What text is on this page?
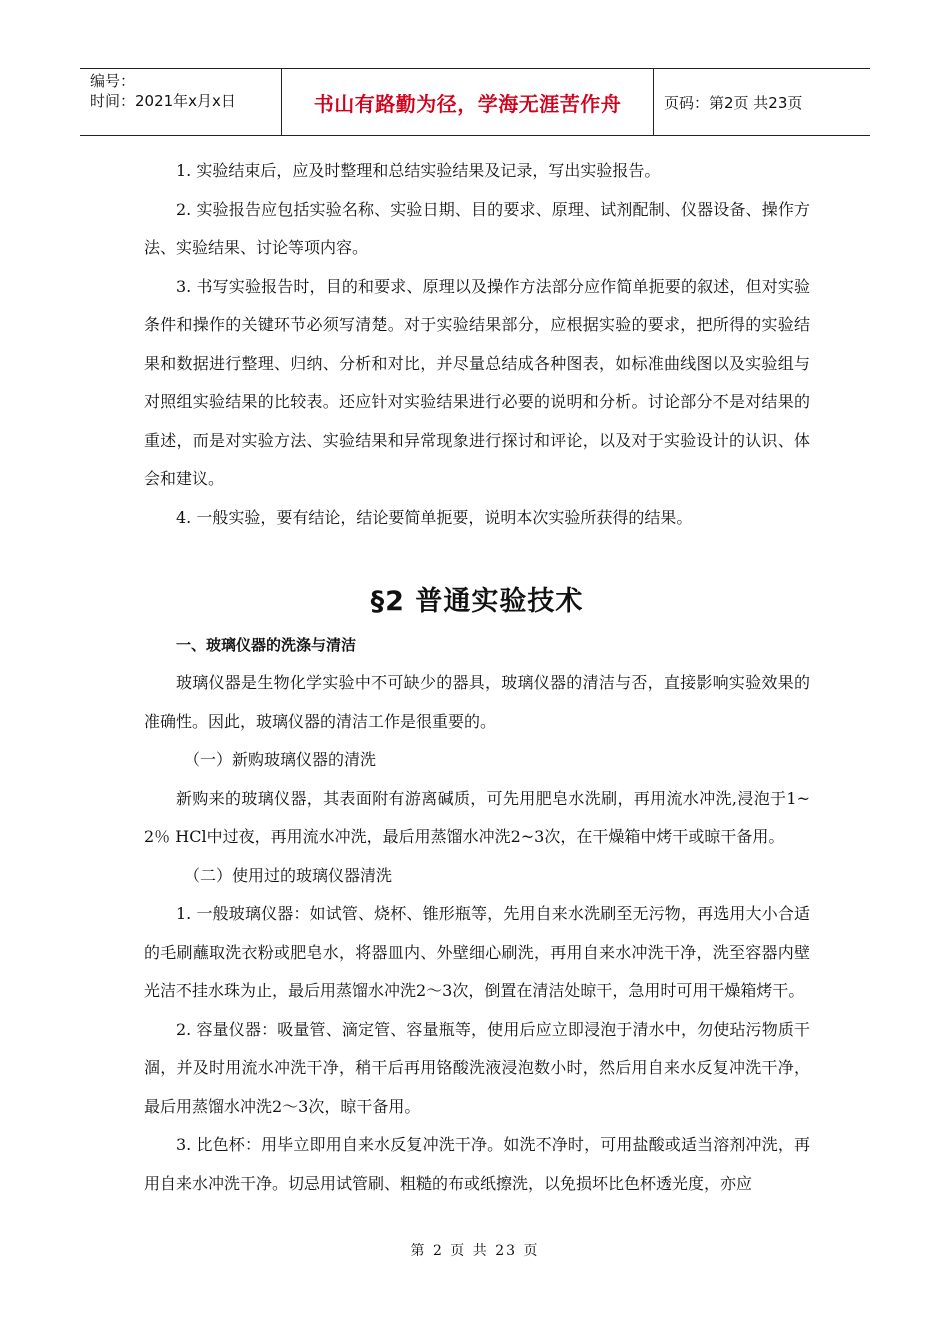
编号：
时间：2021年x月x日	书山有路勤为径，学海无涯苦作舟	页码：第2页 共23页

1. 实验结束后，应及时整理和总结实验结果及记录，写出实验报告。

2. 实验报告应包括实验名称、实验日期、目的要求、原理、试剂配制、仪器设备、操作方法、实验结果、讨论等项内容。

3. 书写实验报告时，目的和要求、原理以及操作方法部分应作简单扼要的叙述，但对实验条件和操作的关键环节必须写清楚。对于实验结果部分，应根据实验的要求，把所得的实验结果和数据进行整理、归纳、分析和对比，并尽量总结成各种图表，如标准曲线图以及实验组与对照组实验结果的比较表。还应针对实验结果进行必要的说明和分析。讨论部分不是对结果的重述，而是对实验方法、实验结果和异常现象进行探讨和评论，以及对于实验设计的认识、体会和建议。

4. 一般实验，要有结论，结论要简单扼要，说明本次实验所获得的结果。

§2 普通实验技术

一、玻璃仪器的洗涤与清洁

玻璃仪器是生物化学实验中不可缺少的器具，玻璃仪器的清洁与否，直接影响实验效果的准确性。因此，玻璃仪器的清洁工作是很重要的。

（一）新购玻璃仪器的清洗

新购来的玻璃仪器，其表面附有游离碱质，可先用肥皂水洗刷，再用流水冲洗,浸泡于1~2％ HCl中过夜，再用流水冲洗，最后用蒸馏水冲洗2~3次，在干燥箱中烤干或晾干备用。

（二）使用过的玻璃仪器清洗

1. 一般玻璃仪器：如试管、烧杯、锥形瓶等，先用自来水洗刷至无污物，再选用大小合适的毛刷蘸取洗衣粉或肥皂水，将器皿内、外壁细心刷洗，再用自来水冲洗干净，洗至容器内壁光洁不挂水珠为止，最后用蒸馏水冲洗2～3次，倒置在清洁处晾干，急用时可用干燥箱烤干。

2. 容量仪器：吸量管、滴定管、容量瓶等，使用后应立即浸泡于清水中，勿使玷污物质干涸，并及时用流水冲洗干净，稍干后再用铬酸洗液浸泡数小时，然后用自来水反复冲洗干净，最后用蒸馏水冲洗2～3次，晾干备用。

3. 比色杯：用毕立即用自来水反复冲洗干净。如洗不净时，可用盐酸或适当溶剂冲洗，再用自来水冲洗干净。切忌用试管刷、粗糙的布或纸擦洗，以免损坏比色杯透光度，亦应

第 2 页 共 23 页
